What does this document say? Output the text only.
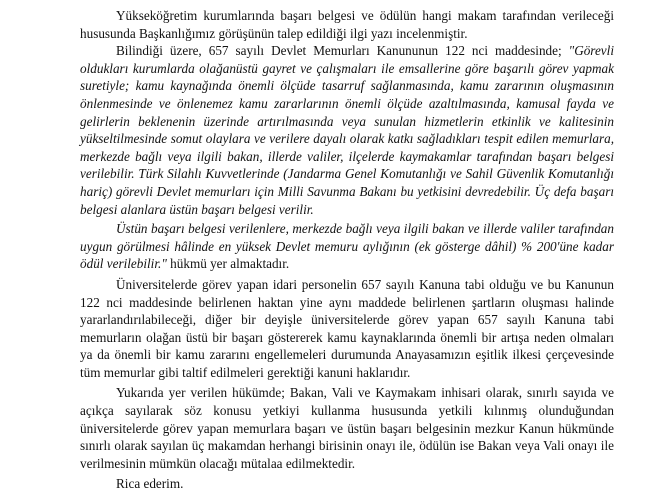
Yükseköğretim kurumlarında başarı belgesi ve ödülün hangi makam tarafından verileceği hususunda Başkanlığımız görüşünün talep edildiği ilgi yazı incelenmiştir.

Bilindiği üzere, 657 sayılı Devlet Memurları Kanununun 122 nci maddesinde; "Görevli oldukları kurumlarda olağanüstü gayret ve çalışmaları ile emsallerine göre başarılı görev yapmak suretiyle; kamu kaynağında önemli ölçüde tasarruf sağlanmasında, kamu zararının oluşmasının önlenmesinde ve önlenemez kamu zararlarının önemli ölçüde azaltılmasında, kamusal fayda ve gelirlerin beklenenin üzerinde artırılmasında veya sunulan hizmetlerin etkinlik ve kalitesinin yükseltilmesinde somut olaylara ve verilere dayalı olarak katkı sağladıkları tespit edilen memurlara, merkezde bağlı veya ilgili bakan, illerde valiler, ilçelerde kaymakamlar tarafından başarı belgesi verilebilir. Türk Silahlı Kuvvetlerinde (Jandarma Genel Komutanlığı ve Sahil Güvenlik Komutanlığı hariç) görevli Devlet memurları için Milli Savunma Bakanı bu yetkisini devredebilir. Üç defa başarı belgesi alanlara üstün başarı belgesi verilir.

Üstün başarı belgesi verilenlere, merkezde bağlı veya ilgili bakan ve illerde valiler tarafından uygun görülmesi hâlinde en yüksek Devlet memuru aylığının (ek gösterge dâhil) % 200'üne kadar ödül verilebilir." hükmü yer almaktadır.

Üniversitelerde görev yapan idari personelin 657 sayılı Kanuna tabi olduğu ve bu Kanunun 122 nci maddesinde belirlenen haktan yine aynı maddede belirlenen şartların oluşması halinde yararlandırılabileceği, diğer bir deyişle üniversitelerde görev yapan 657 sayılı Kanuna tabi memurların olağan üstü bir başarı göstererek kamu kaynaklarında önemli bir artışa neden olmaları ya da önemli bir kamu zararını engellemeleri durumunda Anayasamızın eşitlik ilkesi çerçevesinde tüm memurlar gibi taltif edilmeleri gerektiği kanuni haklarıdır.

Yukarıda yer verilen hükümde; Bakan, Vali ve Kaymakam inhisari olarak, sınırlı sayıda ve açıkça sayılarak söz konusu yetkiyi kullanma hususunda yetkili kılınmış olunduğundan üniversitelerde görev yapan memurlara başarı ve üstün başarı belgesinin mezkur Kanun hükmünde sınırlı olarak sayılan üç makamdan herhangi birisinin onayı ile, ödülün ise Bakan veya Vali onayı ile verilmesinin mümkün olacağı mütalaa edilmektedir.

Rica ederim.
